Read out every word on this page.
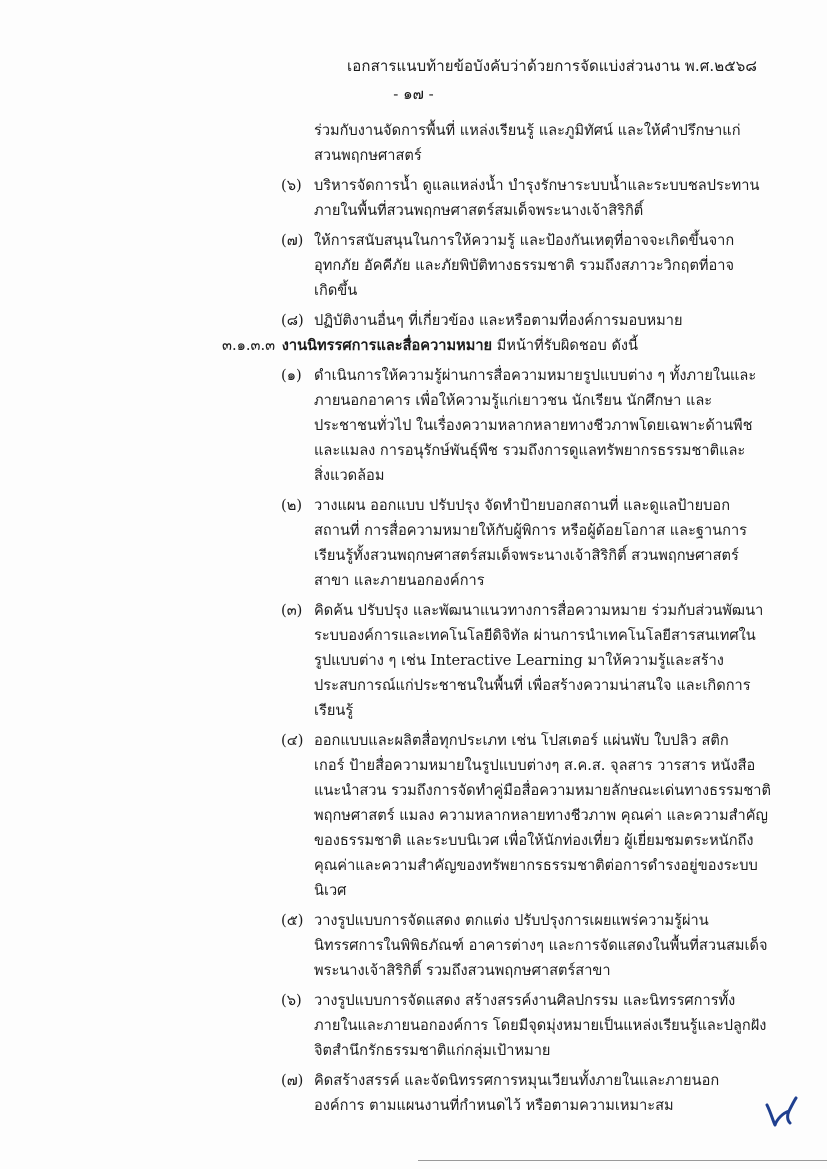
เอกสารแนบท้ายข้อบังคับว่าด้วยการจัดแบ่งส่วนงาน พ.ศ.๒๕๖๘
- ๑๗ -
ร่วมกับงานจัดการพื้นที่ แหล่งเรียนรู้ และภูมิทัศน์ และให้คำปรึกษาแก่
สวนพฤกษศาสตร์
(๖) บริหารจัดการน้ำ ดูแลแหล่งน้ำ บำรุงรักษาระบบน้ำและระบบชลประทาน
ภายในพื้นที่สวนพฤกษศาสตร์สมเด็จพระนางเจ้าสิริกิติ์
(๗) ให้การสนับสนุนในการให้ความรู้ และป้องกันเหตุที่อาจจะเกิดขึ้นจาก
อุทกภัย อัคคีภัย และภัยพิบัติทางธรรมชาติ รวมถึงสภาวะวิกฤตที่อาจ
เกิดขึ้น
(๘) ปฏิบัติงานอื่นๆ ที่เกี่ยวข้อง และหรือตามที่องค์การมอบหมาย
๓.๑.๓.๓ งานนิทรรศการและสื่อความหมาย มีหน้าที่รับผิดชอบ ดังนี้
(๑) ดำเนินการให้ความรู้ผ่านการสื่อความหมายรูปแบบต่าง ๆ ทั้งภายในและ
ภายนอกอาคาร เพื่อให้ความรู้แก่เยาวชน นักเรียน นักศึกษา และ
ประชาชนทั่วไป ในเรื่องความหลากหลายทางชีวภาพโดยเฉพาะด้านพืช
และแมลง การอนุรักษ์พันธุ์พืช รวมถึงการดูแลทรัพยากรธรรมชาติและ
สิ่งแวดล้อม
(๒) วางแผน ออกแบบ ปรับปรุง จัดทำป้ายบอกสถานที่ และดูแลป้ายบอก
สถานที่ การสื่อความหมายให้กับผู้พิการ หรือผู้ด้อยโอกาส และฐานการ
เรียนรู้ทั้งสวนพฤกษศาสตร์สมเด็จพระนางเจ้าสิริกิติ์ สวนพฤกษศาสตร์
สาขา และภายนอกองค์การ
(๓) คิดค้น ปรับปรุง และพัฒนาแนวทางการสื่อความหมาย ร่วมกับส่วนพัฒนา
ระบบองค์การและเทคโนโลยีดิจิทัล ผ่านการนำเทคโนโลยีสารสนเทศใน
รูปแบบต่าง ๆ เช่น Interactive Learning มาให้ความรู้และสร้าง
ประสบการณ์แก่ประชาชนในพื้นที่ เพื่อสร้างความน่าสนใจ และเกิดการ
เรียนรู้
(๔) ออกแบบและผลิตสื่อทุกประเภท เช่น โปสเตอร์ แผ่นพับ ใบปลิว สติก
เกอร์ ป้ายสื่อความหมายในรูปแบบต่างๆ ส.ค.ส. จุลสาร วารสาร หนังสือ
แนะนำสวน รวมถึงการจัดทำคู่มือสื่อความหมายลักษณะเด่นทางธรรมชาติ
พฤกษศาสตร์ แมลง ความหลากหลายทางชีวภาพ คุณค่า และความสำคัญ
ของธรรมชาติ และระบบนิเวศ เพื่อให้นักท่องเที่ยว ผู้เยี่ยมชมตระหนักถึง
คุณค่าและความสำคัญของทรัพยากรธรรมชาติต่อการดำรงอยู่ของระบบ
นิเวศ
(๕) วางรูปแบบการจัดแสดง ตกแต่ง ปรับปรุงการเผยแพร่ความรู้ผ่าน
นิทรรศการในพิพิธภัณฑ์ อาคารต่างๆ และการจัดแสดงในพื้นที่สวนสมเด็จ
พระนางเจ้าสิริกิติ์ รวมถึงสวนพฤกษศาสตร์สาขา
(๖) วางรูปแบบการจัดแสดง สร้างสรรค์งานศิลปกรรม และนิทรรศการทั้ง
ภายในและภายนอกองค์การ โดยมีจุดมุ่งหมายเป็นแหล่งเรียนรู้และปลูกฝัง
จิตสำนึกรักธรรมชาติแก่กลุ่มเป้าหมาย
(๗) คิดสร้างสรรค์ และจัดนิทรรศการหมุนเวียนทั้งภายในและภายนอก
องค์การ ตามแผนงานที่กำหนดไว้ หรือตามความเหมาะสม
